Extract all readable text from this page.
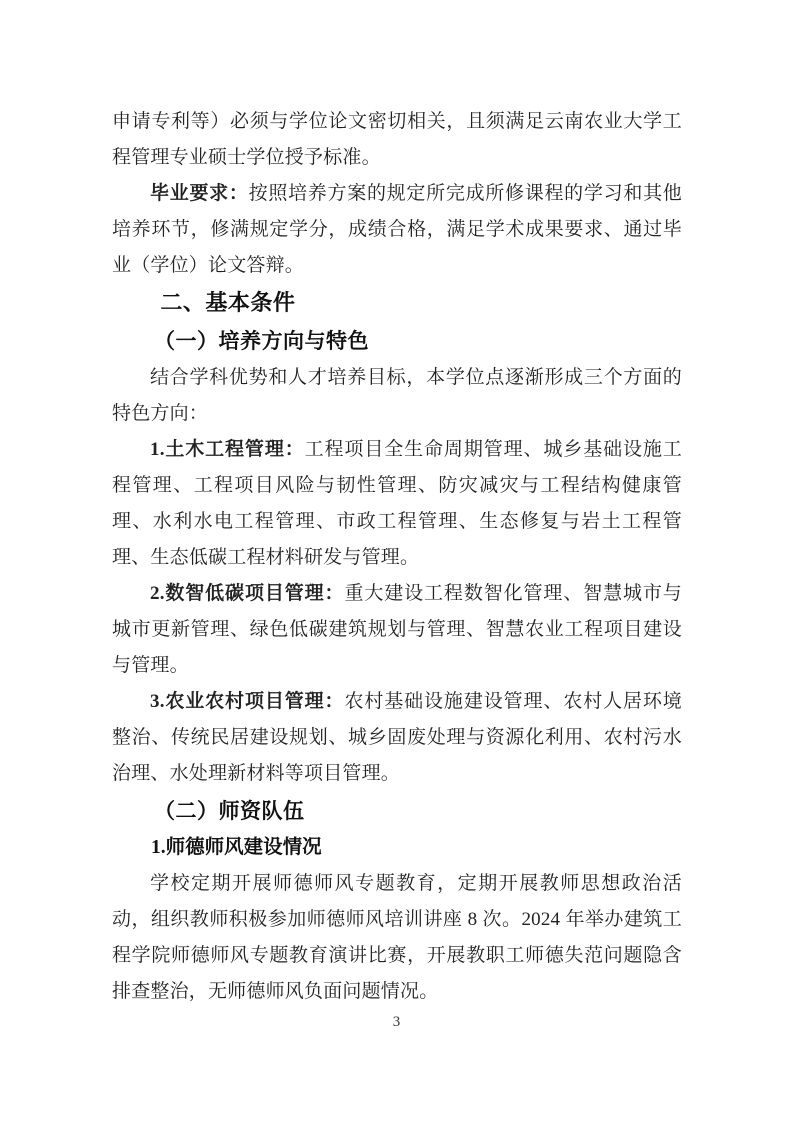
申请专利等）必须与学位论文密切相关，且须满足云南农业大学工程管理专业硕士学位授予标准。

毕业要求：按照培养方案的规定所完成所修课程的学习和其他培养环节，修满规定学分，成绩合格，满足学术成果要求、通过毕业（学位）论文答辩。

二、基本条件
（一）培养方向与特色

结合学科优势和人才培养目标，本学位点逐渐形成三个方面的特色方向：

1.土木工程管理：工程项目全生命周期管理、城乡基础设施工程管理、工程项目风险与韧性管理、防灾减灾与工程结构健康管理、水利水电工程管理、市政工程管理、生态修复与岩土工程管理、生态低碳工程材料研发与管理。

2.数智低碳项目管理：重大建设工程数智化管理、智慧城市与城市更新管理、绿色低碳建筑规划与管理、智慧农业工程项目建设与管理。

3.农业农村项目管理：农村基础设施建设管理、农村人居环境整治、传统民居建设规划、城乡固废处理与资源化利用、农村污水治理、水处理新材料等项目管理。

（二）师资队伍
1.师德师风建设情况

学校定期开展师德师风专题教育，定期开展教师思想政治活动，组织教师积极参加师德师风培训讲座 8 次。2024 年举办建筑工程学院师德师风专题教育演讲比赛，开展教职工师德失范问题隐含排查整治，无师德师风负面问题情况。

3
